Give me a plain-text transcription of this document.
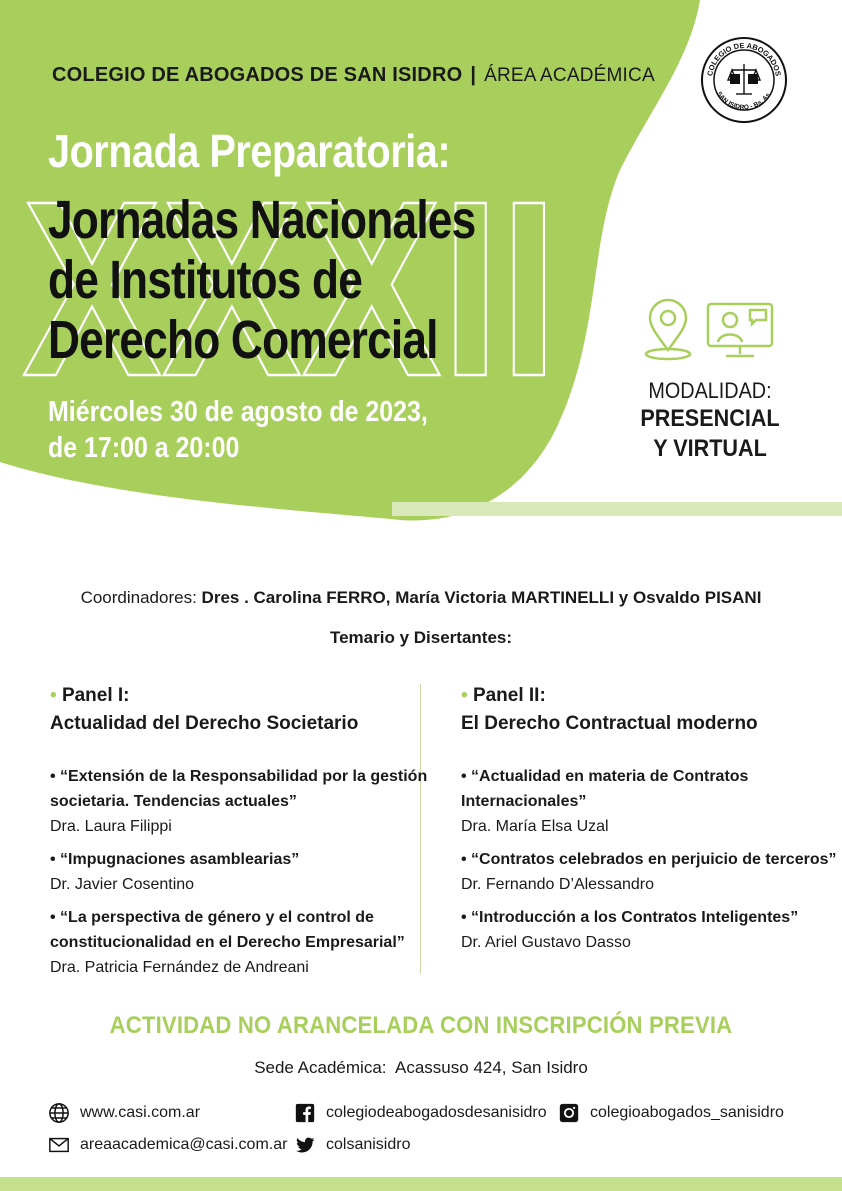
COLEGIO DE ABOGADOS DE SAN ISIDRO | ÁREA ACADÉMICA	COLEGIO DE ABOGADOS
SAN ISIDRO - Bs. As.
Jornada Preparatoria:
XXXII
Jornadas Nacionales
de Institutos de
Derecho Comercial
Miércoles 30 de agosto de 2023,
de 17:00 a 20:00
MODALIDAD:
PRESENCIAL
Y VIRTUAL
Coordinadores: Dres . Carolina FERRO, María Victoria MARTINELLI y Osvaldo PISANI
Temario y Disertantes:
• Panel I:
Actualidad del Derecho Societario
• “Extensión de la Responsabilidad por la gestión societaria. Tendencias actuales”
Dra. Laura Filippi
• “Impugnaciones asamblearias”
Dr. Javier Cosentino
• “La perspectiva de género y el control de constitucionalidad en el Derecho Empresarial”
Dra. Patricia Fernández de Andreani
• Panel II:
El Derecho Contractual moderno
• “Actualidad en materia de Contratos Internacionales”
Dra. María Elsa Uzal
• “Contratos celebrados en perjuicio de terceros”
Dr. Fernando D’Alessandro
• “Introducción a los Contratos Inteligentes”
Dr. Ariel Gustavo Dasso
ACTIVIDAD NO ARANCELADA CON INSCRIPCIÓN PREVIA
Sede Académica: Acassuso 424, San Isidro
www.casi.com.ar
areaacademica@casi.com.ar
colegiodeabogadosdesanisidro
colsanisidro
colegioabogados_sanisidro
